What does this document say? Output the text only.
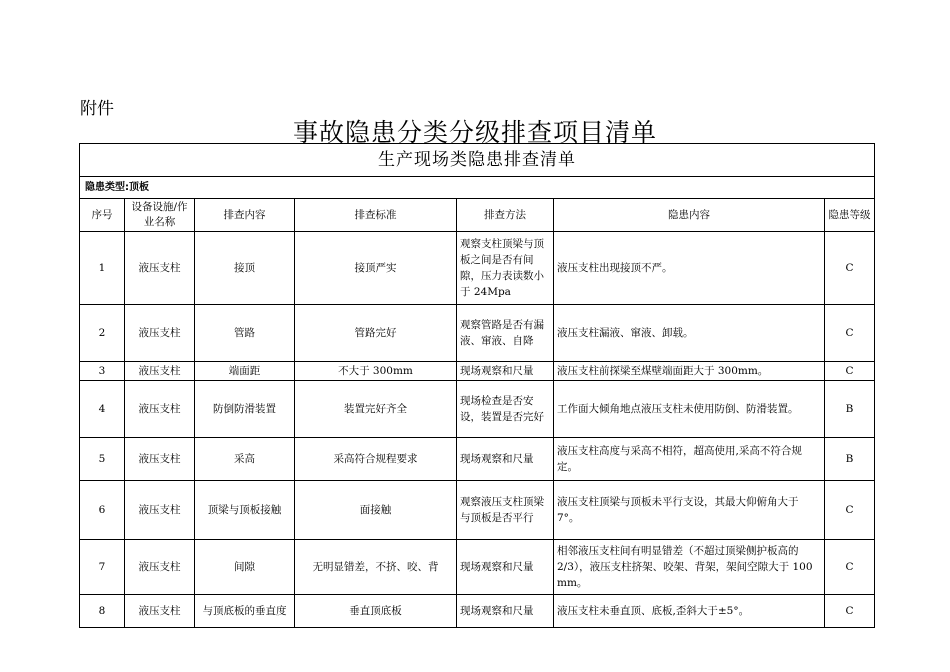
附件
事故隐患分类分级排查项目清单
生产现场类隐患排查清单						
隐患类型:顶板						
序号	设备设施/作业名称	排查内容	排查标准	排查方法	隐患内容	隐患等级
1	液压支柱	接顶	接顶严实	观察支柱顶梁与顶板之间是否有间隙，压力表读数小于 24Mpa	液压支柱出现接顶不严。	C
2	液压支柱	管路	管路完好	观察管路是否有漏液、窜液、自降	液压支柱漏液、窜液、卸载。	C
3	液压支柱	端面距	不大于 300mm	现场观察和尺量	液压支柱前探梁至煤壁端面距大于 300mm。	C
4	液压支柱	防倒防滑装置	装置完好齐全	现场检查是否安设，装置是否完好	工作面大倾角地点液压支柱未使用防倒、防滑装置。	B
5	液压支柱	采高	采高符合规程要求	现场观察和尺量	液压支柱高度与采高不相符，超高使用,采高不符合规定。	B
6	液压支柱	顶梁与顶板接触	面接触	观察液压支柱顶梁与顶板是否平行	液压支柱顶梁与顶板未平行支设，其最大仰俯角大于 7°。	C
7	液压支柱	间隙	无明显错差，不挤、咬、背	现场观察和尺量	相邻液压支柱间有明显错差（不超过顶梁侧护板高的 2/3），液压支柱挤架、咬架、背架，架间空隙大于 100 mm。	C
8	液压支柱	与顶底板的垂直度	垂直顶底板	现场观察和尺量	液压支柱未垂直顶、底板,歪斜大于±5°。	C
